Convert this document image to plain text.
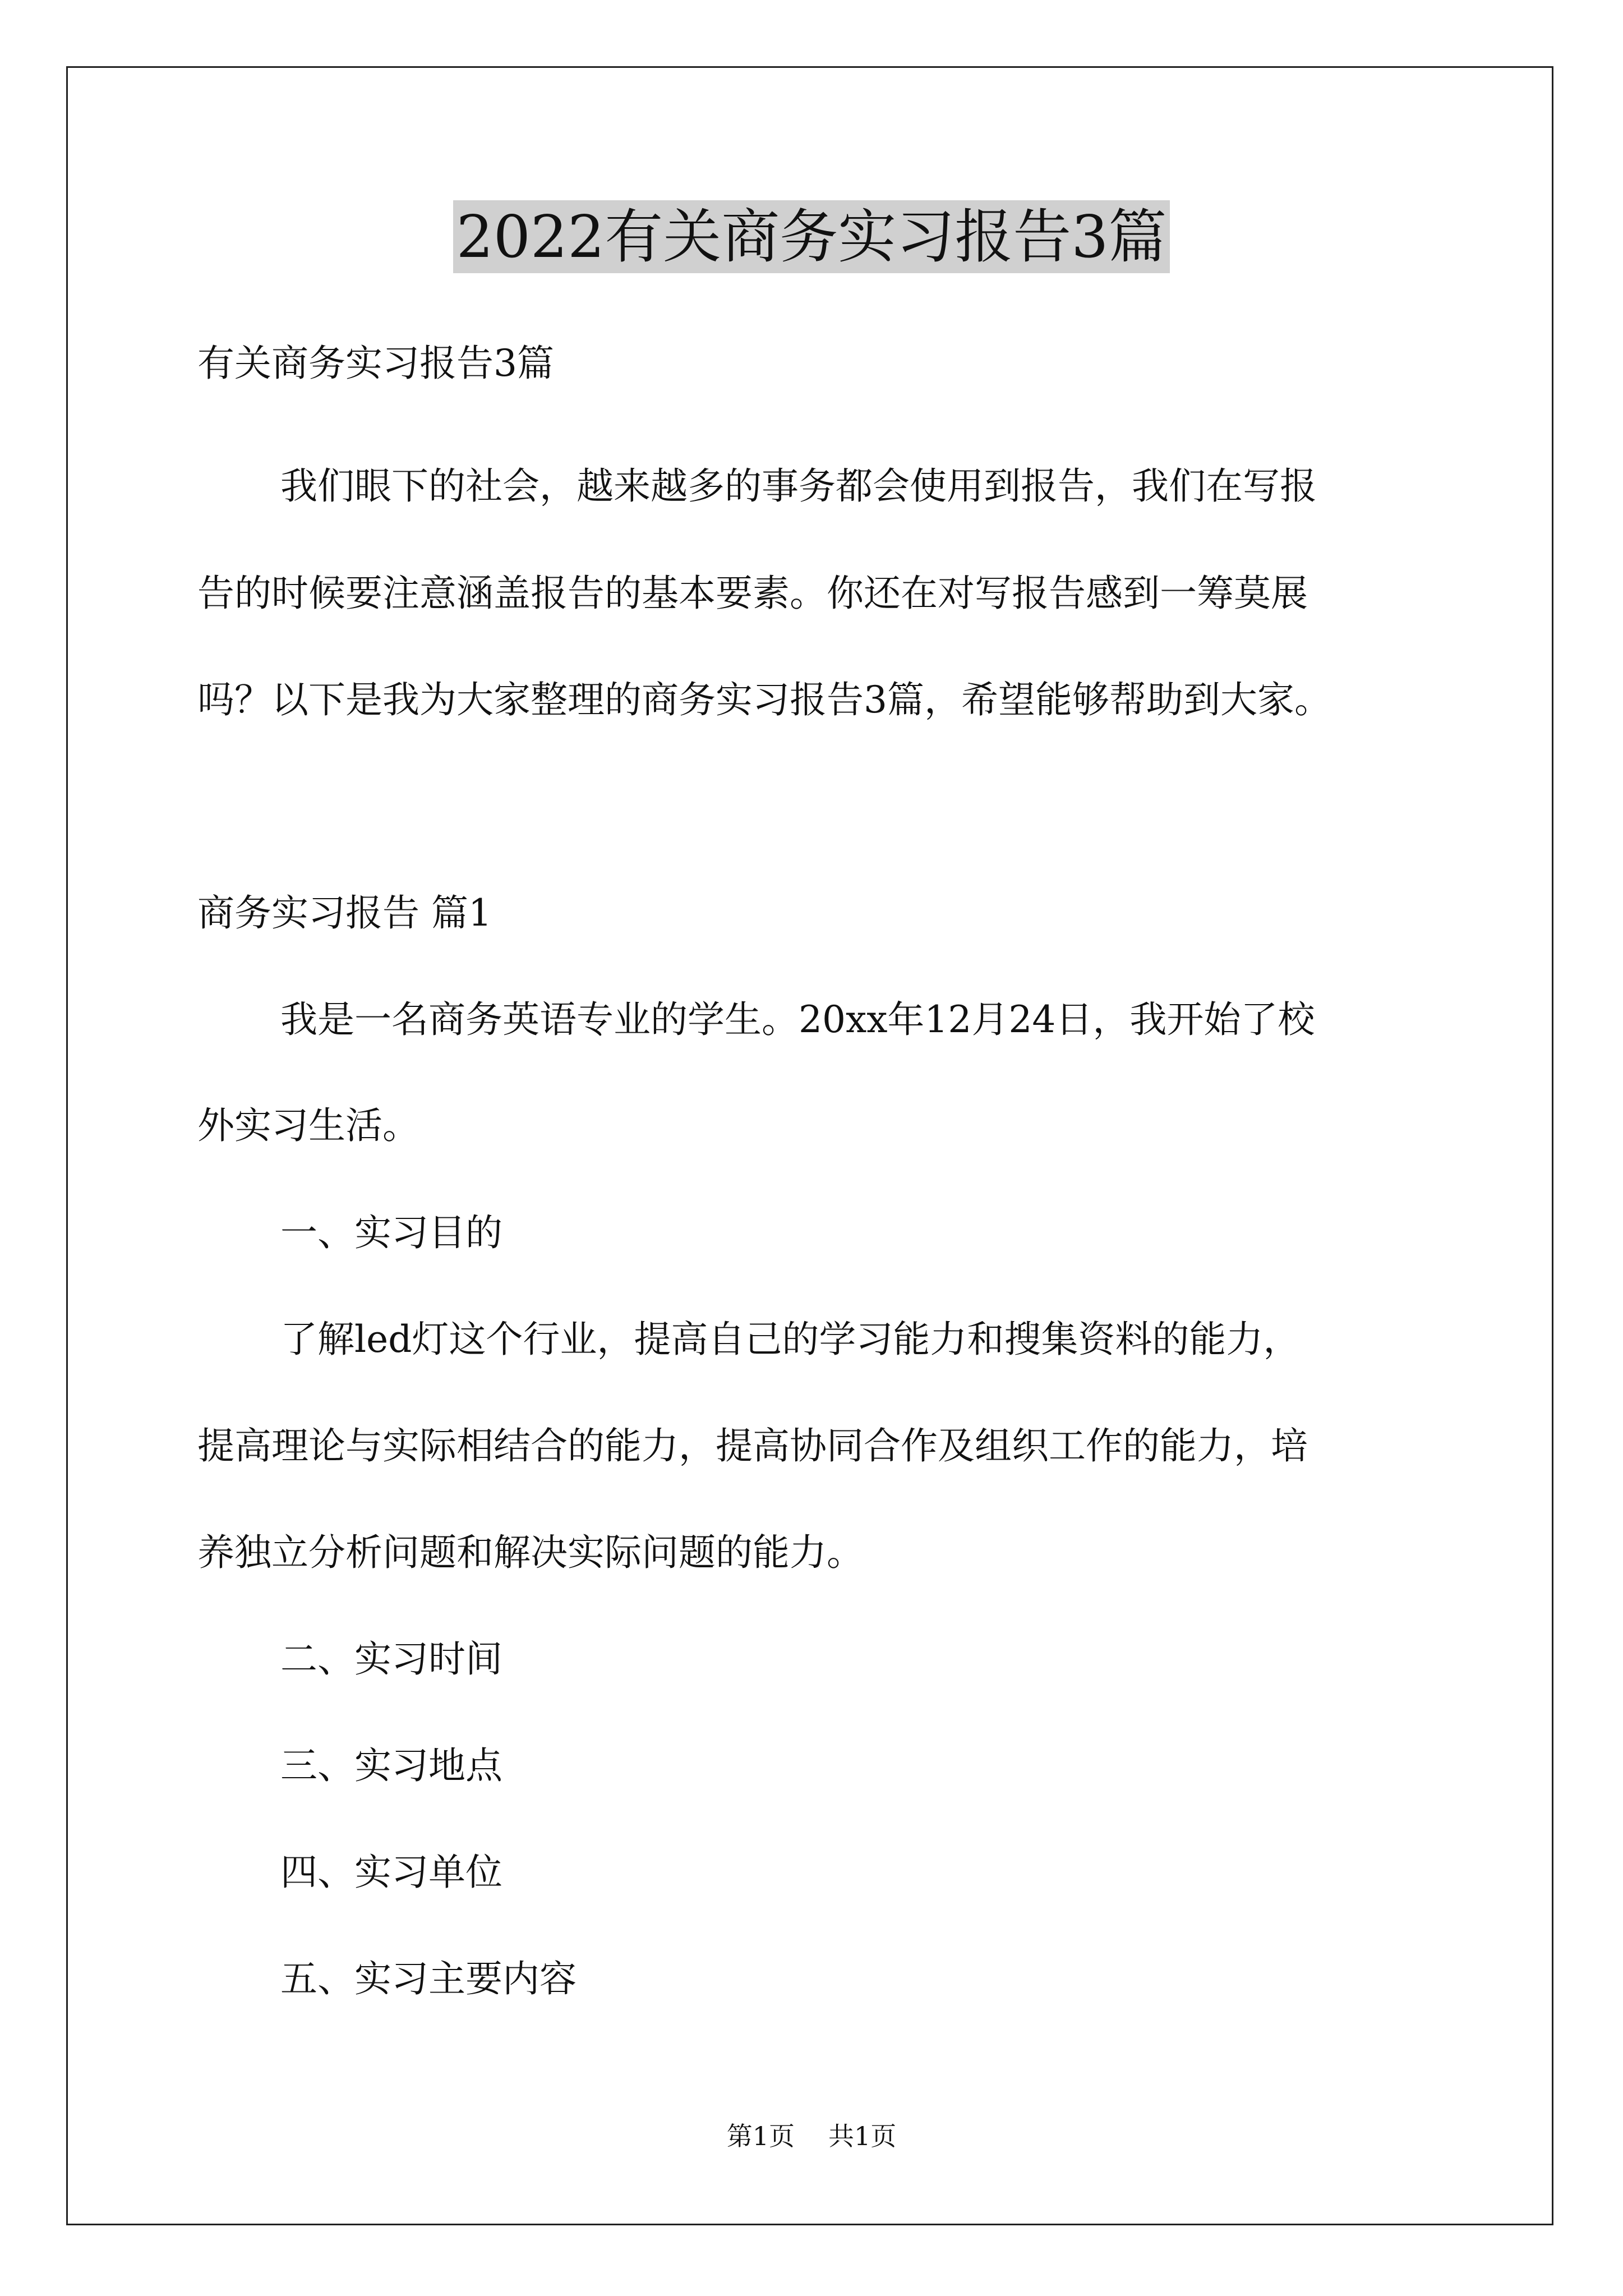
2022有关商务实习报告3篇

有关商务实习报告3篇

我们眼下的社会，越来越多的事务都会使用到报告，我们在写报

告的时候要注意涵盖报告的基本要素。你还在对写报告感到一筹莫展

吗？以下是我为大家整理的商务实习报告3篇，希望能够帮助到大家。

商务实习报告 篇1

我是一名商务英语专业的学生。20xx年12月24日，我开始了校

外实习生活。

一、实习目的

了解led灯这个行业，提高自己的学习能力和搜集资料的能力，

提高理论与实际相结合的能力，提高协同合作及组织工作的能力，培

养独立分析问题和解决实际问题的能力。

二、实习时间

三、实习地点

四、实习单位

五、实习主要内容

第1页 共1页
